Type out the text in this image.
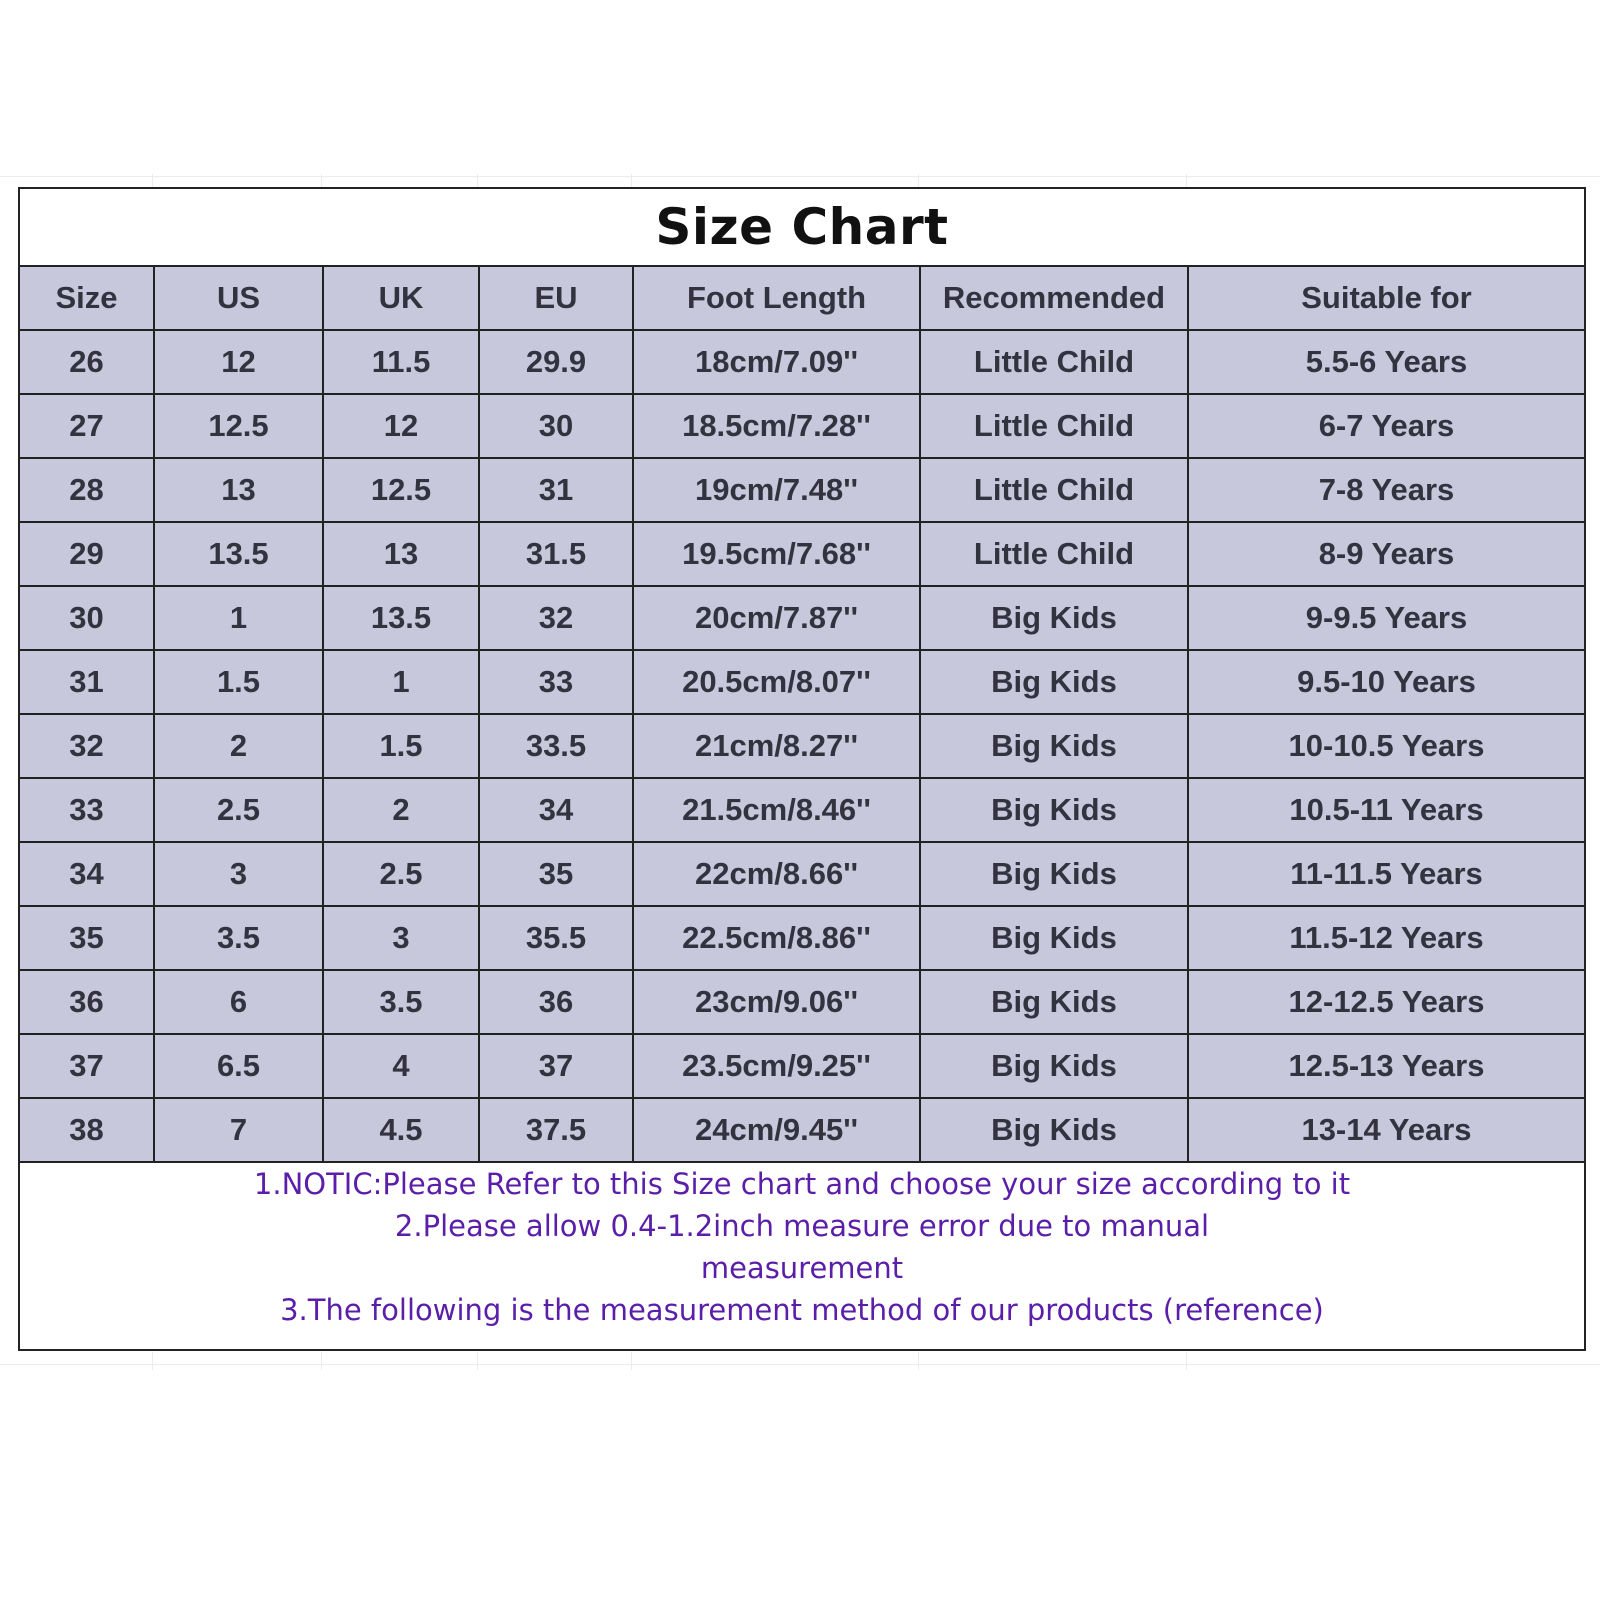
Size Chart
Size	US	UK	EU	Foot Length	Recommended	Suitable for
26	12	11.5	29.9	18cm/7.09''	Little Child	5.5-6 Years
27	12.5	12	30	18.5cm/7.28''	Little Child	6-7 Years
28	13	12.5	31	19cm/7.48''	Little Child	7-8 Years
29	13.5	13	31.5	19.5cm/7.68''	Little Child	8-9 Years
30	1	13.5	32	20cm/7.87''	Big Kids	9-9.5 Years
31	1.5	1	33	20.5cm/8.07''	Big Kids	9.5-10 Years
32	2	1.5	33.5	21cm/8.27''	Big Kids	10-10.5 Years
33	2.5	2	34	21.5cm/8.46''	Big Kids	10.5-11 Years
34	3	2.5	35	22cm/8.66''	Big Kids	11-11.5 Years
35	3.5	3	35.5	22.5cm/8.86''	Big Kids	11.5-12 Years
36	6	3.5	36	23cm/9.06''	Big Kids	12-12.5 Years
37	6.5	4	37	23.5cm/9.25''	Big Kids	12.5-13 Years
38	7	4.5	37.5	24cm/9.45''	Big Kids	13-14 Years
1.NOTIC:Please Refer to this Size chart and choose your size according to it
2.Please allow 0.4-1.2inch measure error due to manual measurement
3.The following is the measurement method of our products (reference)
